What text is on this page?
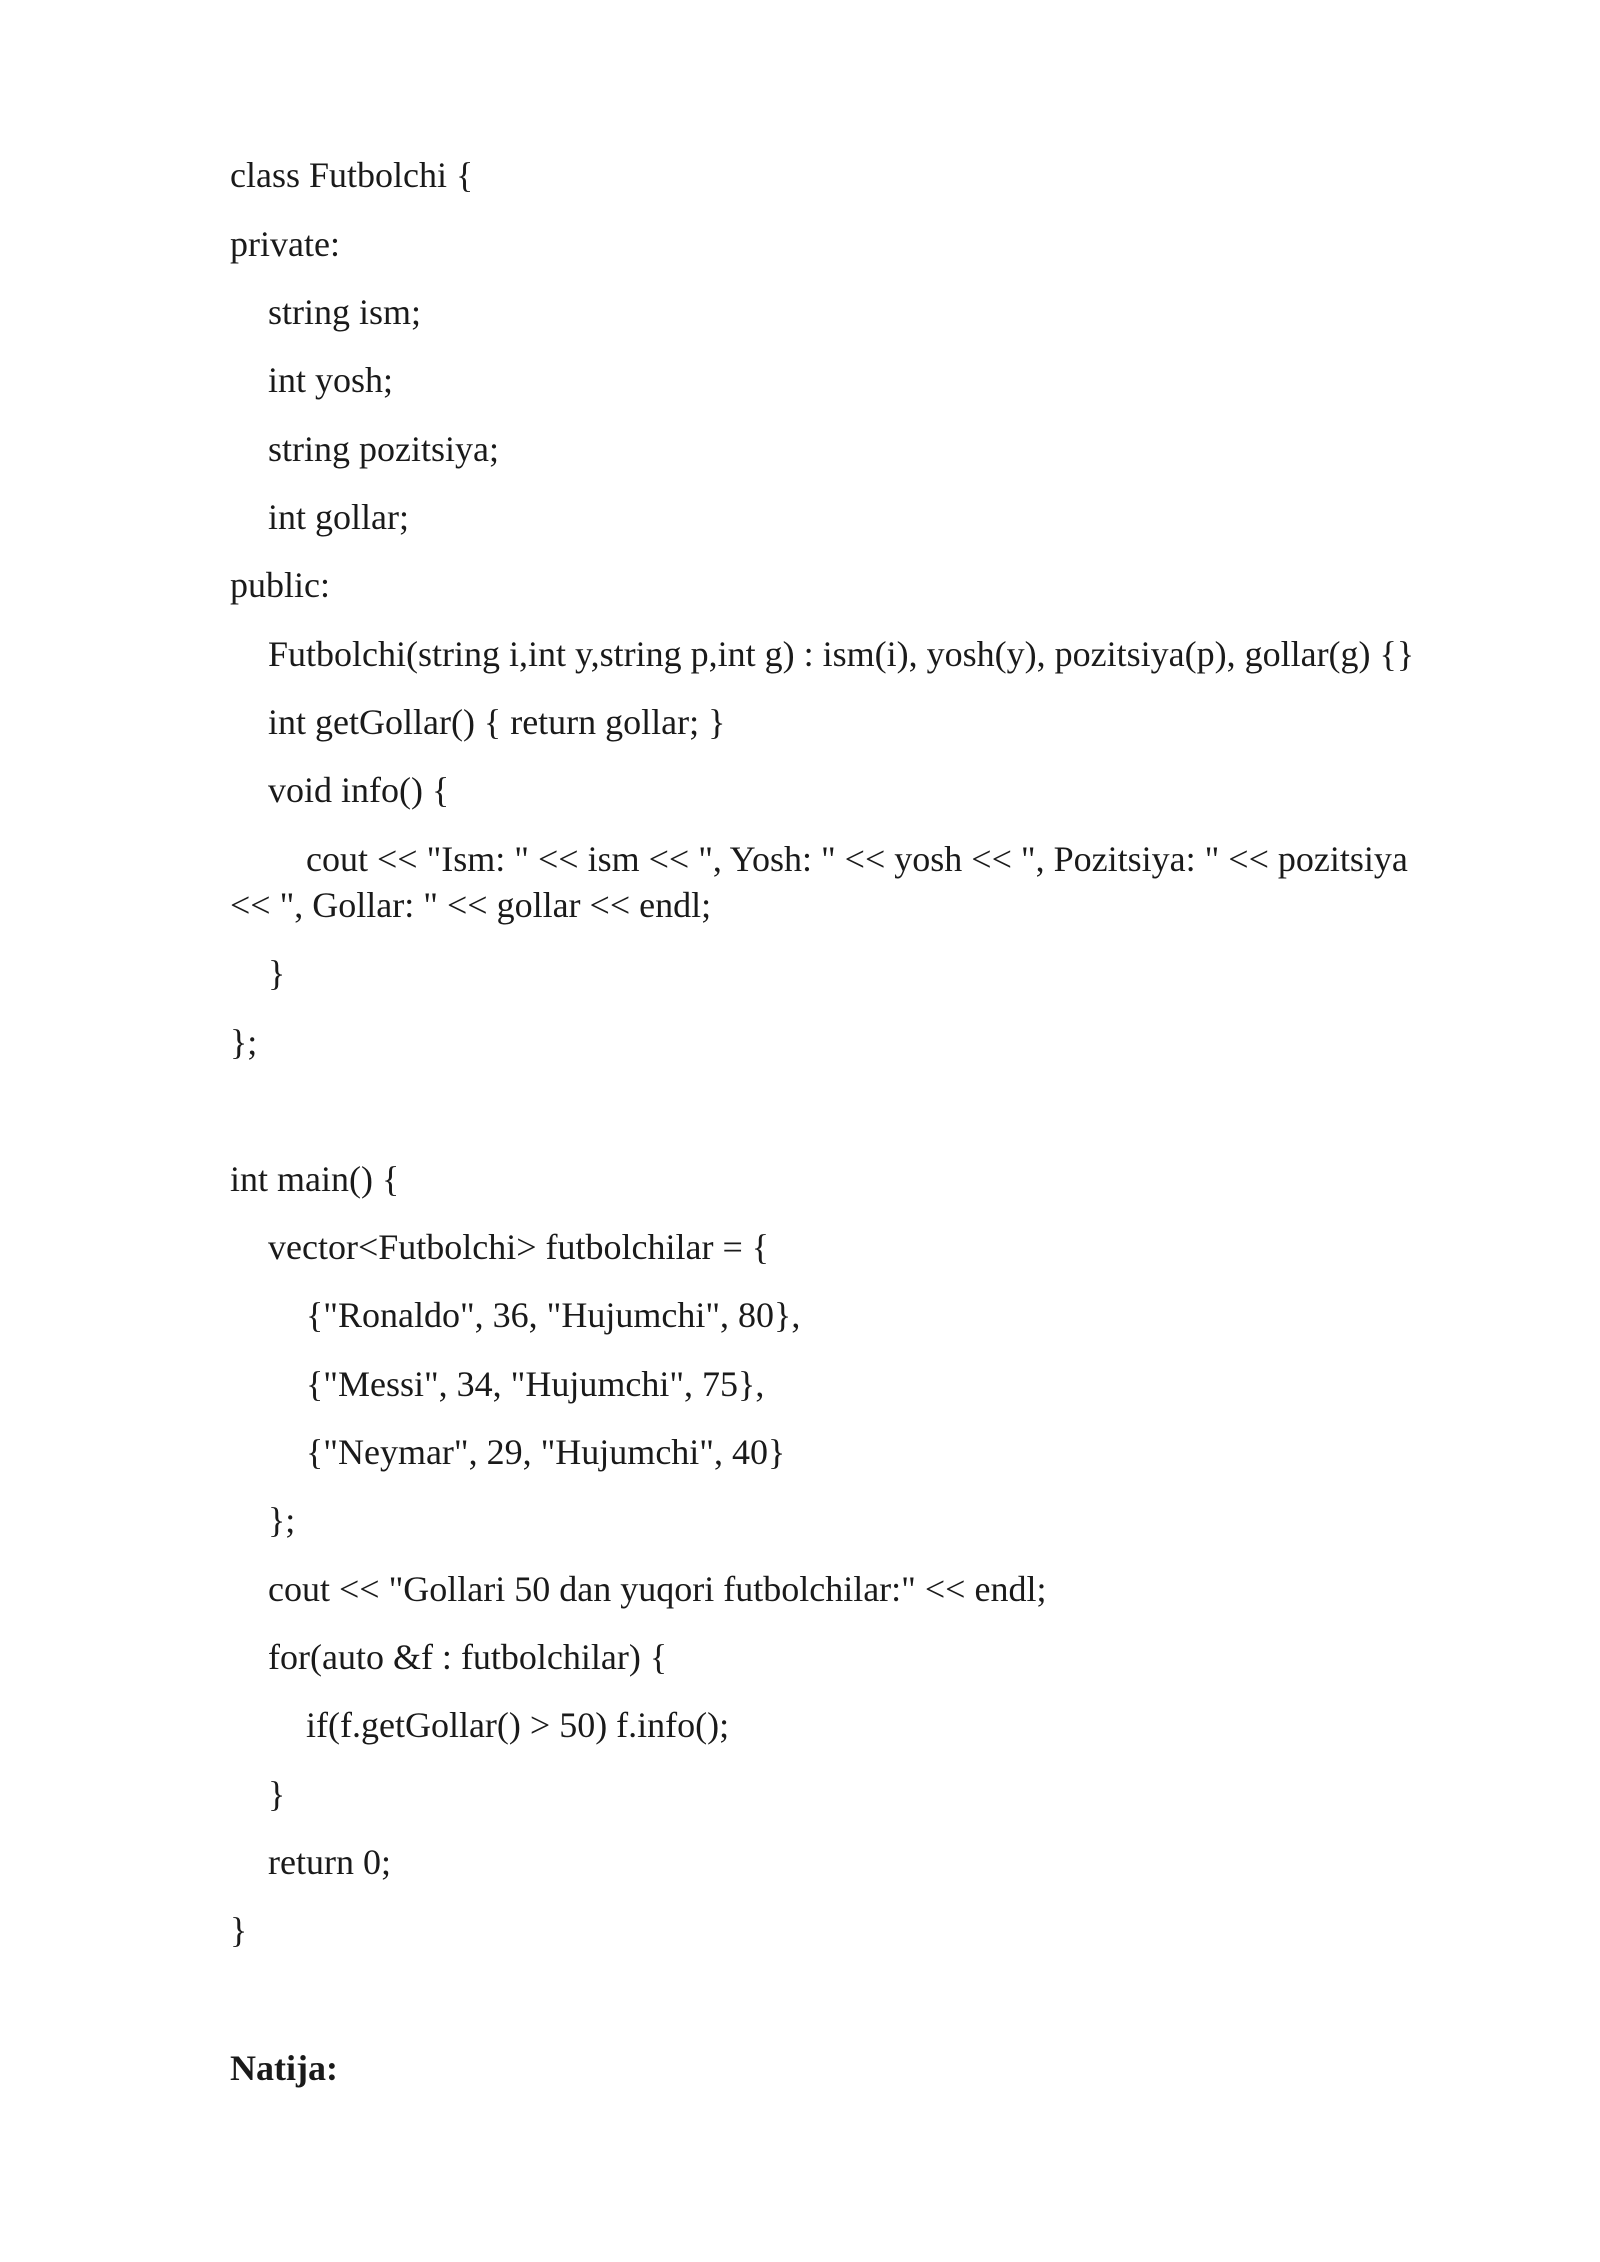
class Futbolchi {
private:
string ism;
int yosh;
string pozitsiya;
int gollar;
public:
Futbolchi(string i,int y,string p,int g) : ism(i), yosh(y), pozitsiya(p), gollar(g) {}
int getGollar() { return gollar; }
void info() {
cout << "Ism: " << ism << ", Yosh: " << yosh << ", Pozitsiya: " << pozitsiya
<< ", Gollar: " << gollar << endl;
}
};
int main() {
vector<Futbolchi> futbolchilar = {
{"Ronaldo", 36, "Hujumchi", 80},
{"Messi", 34, "Hujumchi", 75},
{"Neymar", 29, "Hujumchi", 40}
};
cout << "Gollari 50 dan yuqori futbolchilar:" << endl;
for(auto &f : futbolchilar) {
if(f.getGollar() > 50) f.info();
}
return 0;
}
Natija:
